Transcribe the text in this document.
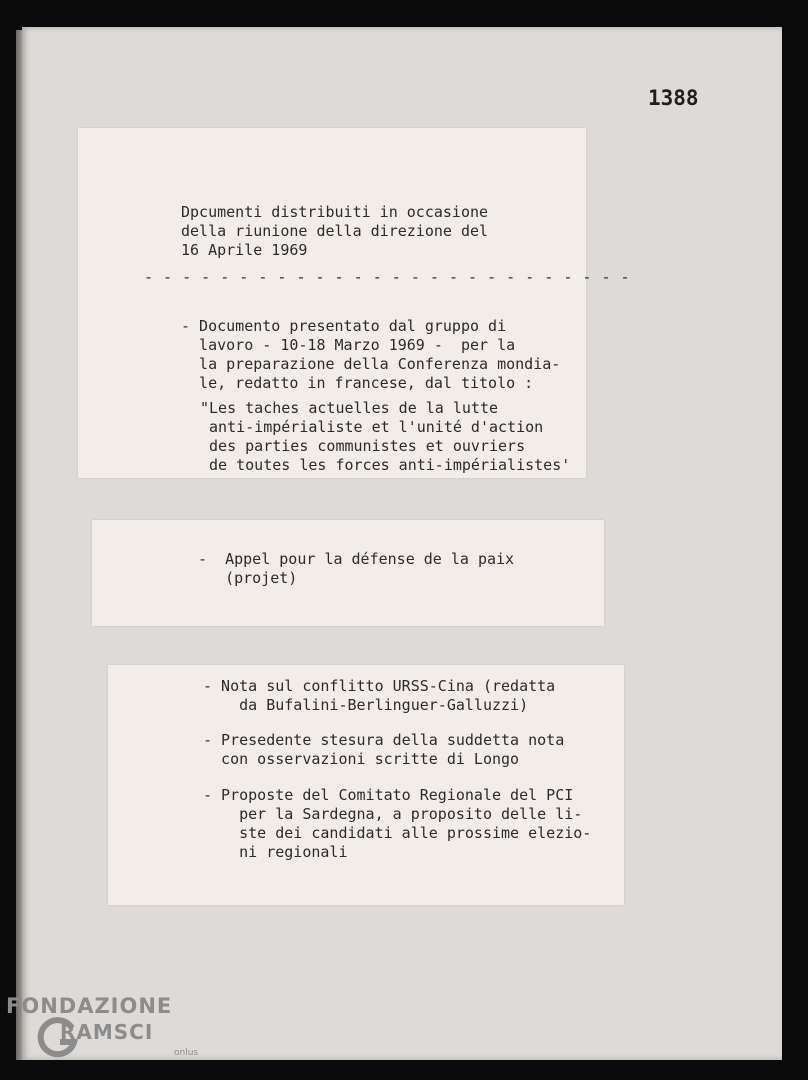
1388
Dpcumenti distribuiti in occasione
della riunione della direzione del
16 Aprile 1969
- - - - - - - - - - - - - - - - - - - - - - - - - -
- Documento presentato dal gruppo di
lavoro - 10-18 Marzo 1969 -  per la
la preparazione della Conferenza mondia-
le, redatto in francese, dal titolo :
"Les taches actuelles de la lutte
anti-impérialiste et l'unité d'action
des parties communistes et ouvriers
de toutes les forces anti-impérialistes'
-  Appel pour la défense de la paix
(projet)
- Nota sul conflitto URSS-Cina (redatta
da Bufalini-Berlinguer-Galluzzi)
- Presedente stesura della suddetta nota
con osservazioni scritte di Longo
- Proposte del Comitato Regionale del PCI
per la Sardegna, a proposito delle li-
ste dei candidati alle prossime elezio-
ni regionali
FONDAZIONE
RAMSCI
onlus
